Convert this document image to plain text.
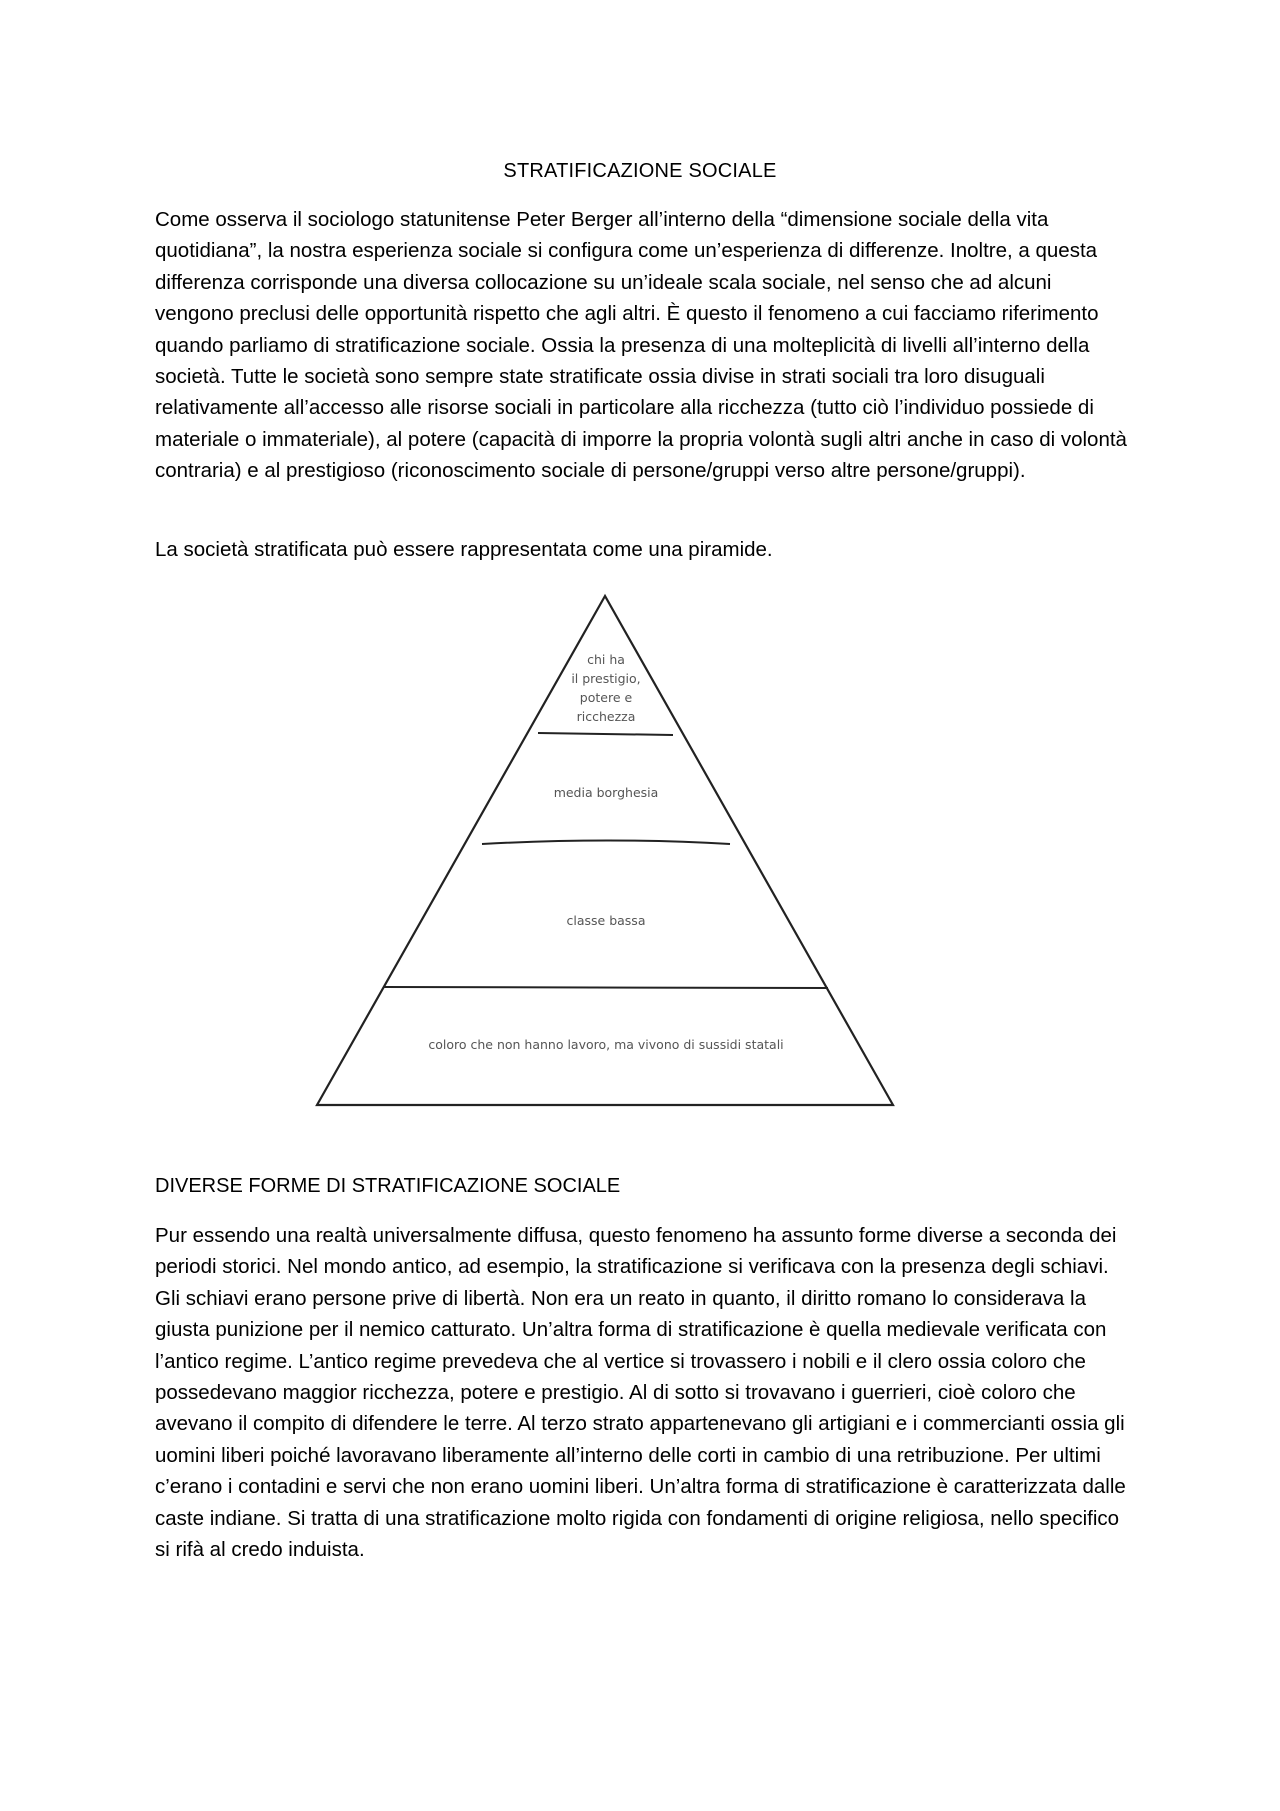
STRATIFICAZIONE SOCIALE

Come osserva il sociologo statunitense Peter Berger all’interno della “dimensione sociale della vita quotidiana”, la nostra esperienza sociale si configura come un’esperienza di differenze. Inoltre, a questa differenza corrisponde una diversa collocazione su un’ideale scala sociale, nel senso che ad alcuni vengono preclusi delle opportunità rispetto che agli altri. È questo il fenomeno a cui facciamo riferimento quando parliamo di stratificazione sociale. Ossia la presenza di una molteplicità di livelli all’interno della società. Tutte le società sono sempre state stratificate ossia divise in strati sociali tra loro disuguali relativamente all’accesso alle risorse sociali in particolare alla ricchezza (tutto ciò l’individuo possiede di materiale o immateriale), al potere (capacità di imporre la propria volontà sugli altri anche in caso di volontà contraria) e al prestigioso (riconoscimento sociale di persone/gruppi verso altre persone/gruppi).

La società stratificata può essere rappresentata come una piramide.

chi ha
il prestigio,
potere e
ricchezza
media borghesia
classe bassa
coloro che non hanno lavoro, ma vivono di sussidi statali
DIVERSE FORME DI STRATIFICAZIONE SOCIALE

Pur essendo una realtà universalmente diffusa, questo fenomeno ha assunto forme diverse a seconda dei periodi storici. Nel mondo antico, ad esempio, la stratificazione si verificava con la presenza degli schiavi. Gli schiavi erano persone prive di libertà. Non era un reato in quanto, il diritto romano lo considerava la giusta punizione per il nemico catturato. Un’altra forma di stratificazione è quella medievale verificata con l’antico regime. L’antico regime prevedeva che al vertice si trovassero i nobili e il clero ossia coloro che possedevano maggior ricchezza, potere e prestigio. Al di sotto si trovavano i guerrieri, cioè coloro che avevano il compito di difendere le terre. Al terzo strato appartenevano gli artigiani e i commercianti ossia gli uomini liberi poiché lavoravano liberamente all’interno delle corti in cambio di una retribuzione. Per ultimi c’erano i contadini e servi che non erano uomini liberi. Un’altra forma di stratificazione è caratterizzata dalle caste indiane. Si tratta di una stratificazione molto rigida con fondamenti di origine religiosa, nello specifico si rifà al credo induista.
